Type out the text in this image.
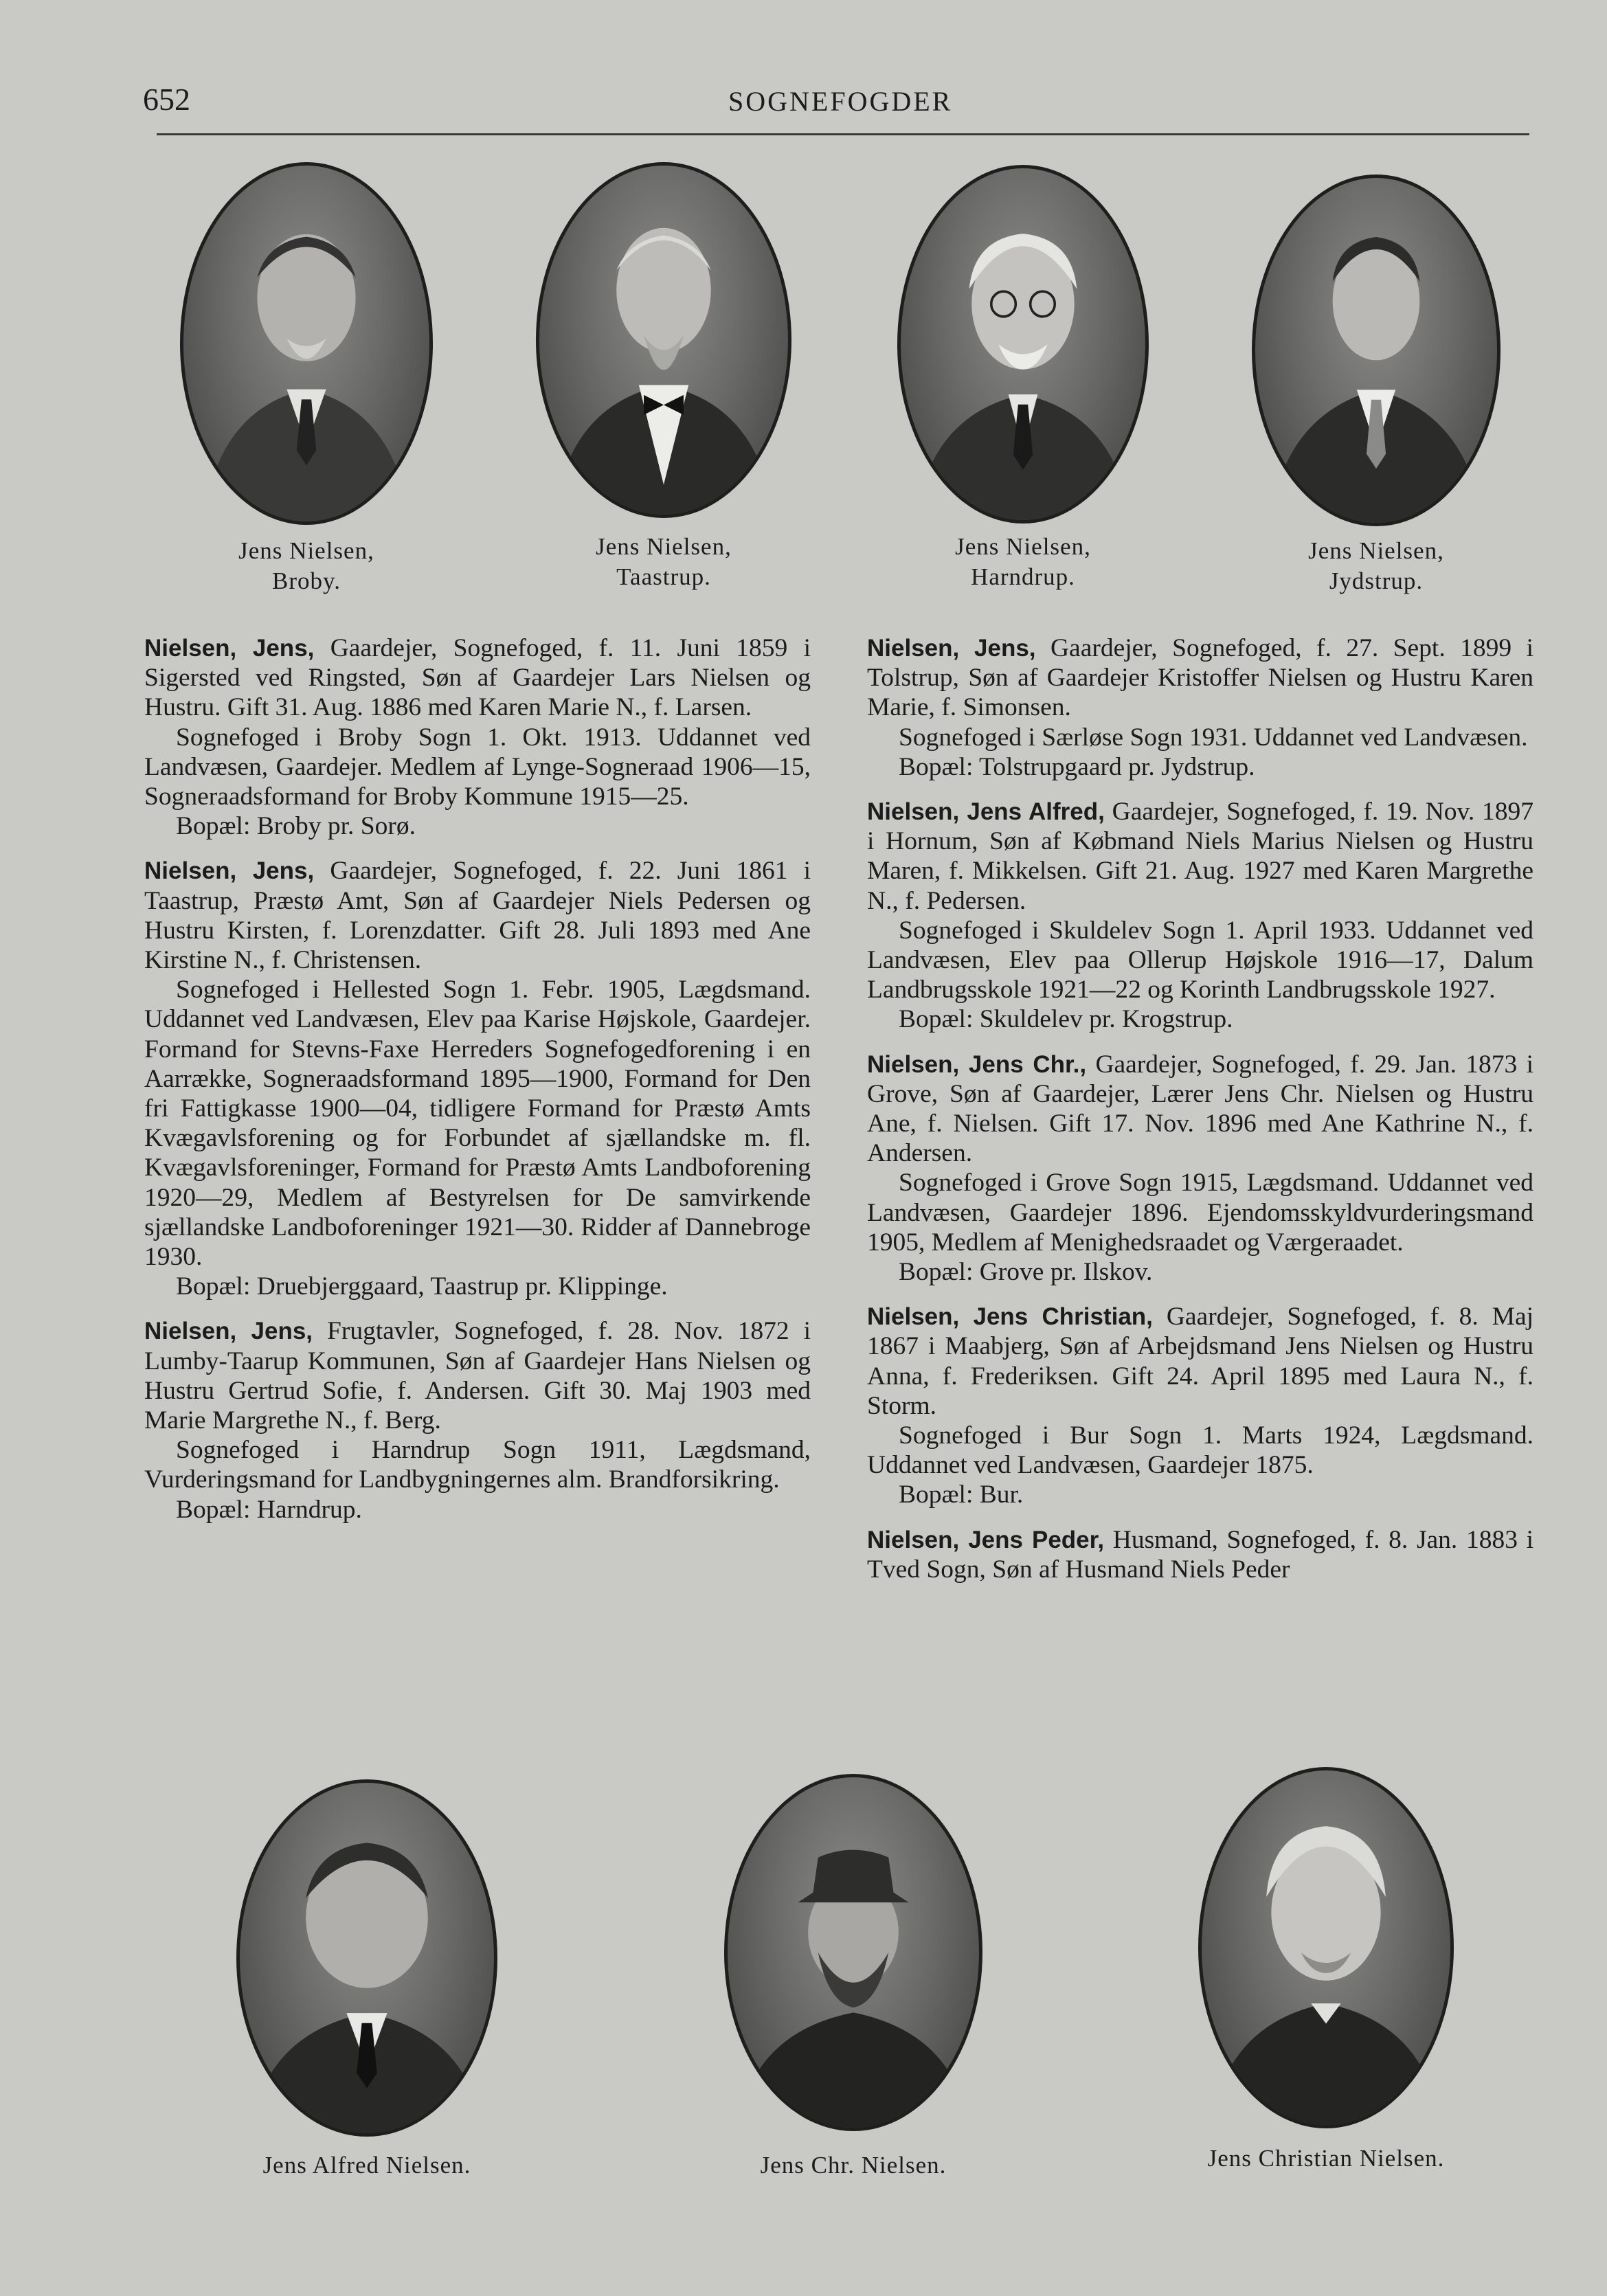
652	SOGNEFOGDER
Jens Nielsen,
Broby.
Jens Nielsen,
Taastrup.
Jens Nielsen,
Harndrup.
Jens Nielsen,
Jydstrup.

Nielsen, Jens, Gaardejer, Sognefoged, f. 11. Juni 1859 i Sigersted ved Ringsted, Søn af Gaardejer Lars Nielsen og Hustru. Gift 31. Aug. 1886 med Karen Marie N., f. Larsen.

Sognefoged i Broby Sogn 1. Okt. 1913. Uddannet ved Landvæsen, Gaardejer. Medlem af Lynge-Sogneraad 1906—15, Sogneraadsformand for Broby Kommune 1915—25.

Bopæl: Broby pr. Sorø.

Nielsen, Jens, Gaardejer, Sognefoged, f. 22. Juni 1861 i Taastrup, Præstø Amt, Søn af Gaardejer Niels Pedersen og Hustru Kirsten, f. Lorenzdatter. Gift 28. Juli 1893 med Ane Kirstine N., f. Christensen.

Sognefoged i Hellested Sogn 1. Febr. 1905, Lægdsmand. Uddannet ved Landvæsen, Elev paa Karise Højskole, Gaardejer. Formand for Stevns-Faxe Herreders Sognefogedforening i en Aarrække, Sogneraadsformand 1895—1900, Formand for Den fri Fattigkasse 1900—04, tidligere Formand for Præstø Amts Kvægavlsforening og for Forbundet af sjællandske m. fl. Kvægavlsforeninger, Formand for Præstø Amts Landboforening 1920—29, Medlem af Bestyrelsen for De samvirkende sjællandske Landboforeninger 1921—30. Ridder af Dannebroge 1930.

Bopæl: Druebjerggaard, Taastrup pr. Klippinge.

Nielsen, Jens, Frugtavler, Sognefoged, f. 28. Nov. 1872 i Lumby-Taarup Kommunen, Søn af Gaardejer Hans Nielsen og Hustru Gertrud Sofie, f. Andersen. Gift 30. Maj 1903 med Marie Margrethe N., f. Berg.

Sognefoged i Harndrup Sogn 1911, Lægdsmand, Vurderingsmand for Landbygningernes alm. Brandforsikring.

Bopæl: Harndrup.

Nielsen, Jens, Gaardejer, Sognefoged, f. 27. Sept. 1899 i Tolstrup, Søn af Gaardejer Kristoffer Nielsen og Hustru Karen Marie, f. Simonsen.

Sognefoged i Særløse Sogn 1931. Uddannet ved Landvæsen.

Bopæl: Tolstrupgaard pr. Jydstrup.

Nielsen, Jens Alfred, Gaardejer, Sognefoged, f. 19. Nov. 1897 i Hornum, Søn af Købmand Niels Marius Nielsen og Hustru Maren, f. Mikkelsen. Gift 21. Aug. 1927 med Karen Margrethe N., f. Pedersen.

Sognefoged i Skuldelev Sogn 1. April 1933. Uddannet ved Landvæsen, Elev paa Ollerup Højskole 1916—17, Dalum Landbrugsskole 1921—22 og Korinth Landbrugsskole 1927.

Bopæl: Skuldelev pr. Krogstrup.

Nielsen, Jens Chr., Gaardejer, Sognefoged, f. 29. Jan. 1873 i Grove, Søn af Gaardejer, Lærer Jens Chr. Nielsen og Hustru Ane, f. Nielsen. Gift 17. Nov. 1896 med Ane Kathrine N., f. Andersen.

Sognefoged i Grove Sogn 1915, Lægdsmand. Uddannet ved Landvæsen, Gaardejer 1896. Ejendomsskyldvurderingsmand 1905, Medlem af Menighedsraadet og Værgeraadet.

Bopæl: Grove pr. Ilskov.

Nielsen, Jens Christian, Gaardejer, Sognefoged, f. 8. Maj 1867 i Maabjerg, Søn af Arbejdsmand Jens Nielsen og Hustru Anna, f. Frederiksen. Gift 24. April 1895 med Laura N., f. Storm.

Sognefoged i Bur Sogn 1. Marts 1924, Lægdsmand. Uddannet ved Landvæsen, Gaardejer 1875.

Bopæl: Bur.

Nielsen, Jens Peder, Husmand, Sognefoged, f. 8. Jan. 1883 i Tved Sogn, Søn af Husmand Niels Peder

Jens Alfred Nielsen.	Jens Chr. Nielsen.	Jens Christian Nielsen.
